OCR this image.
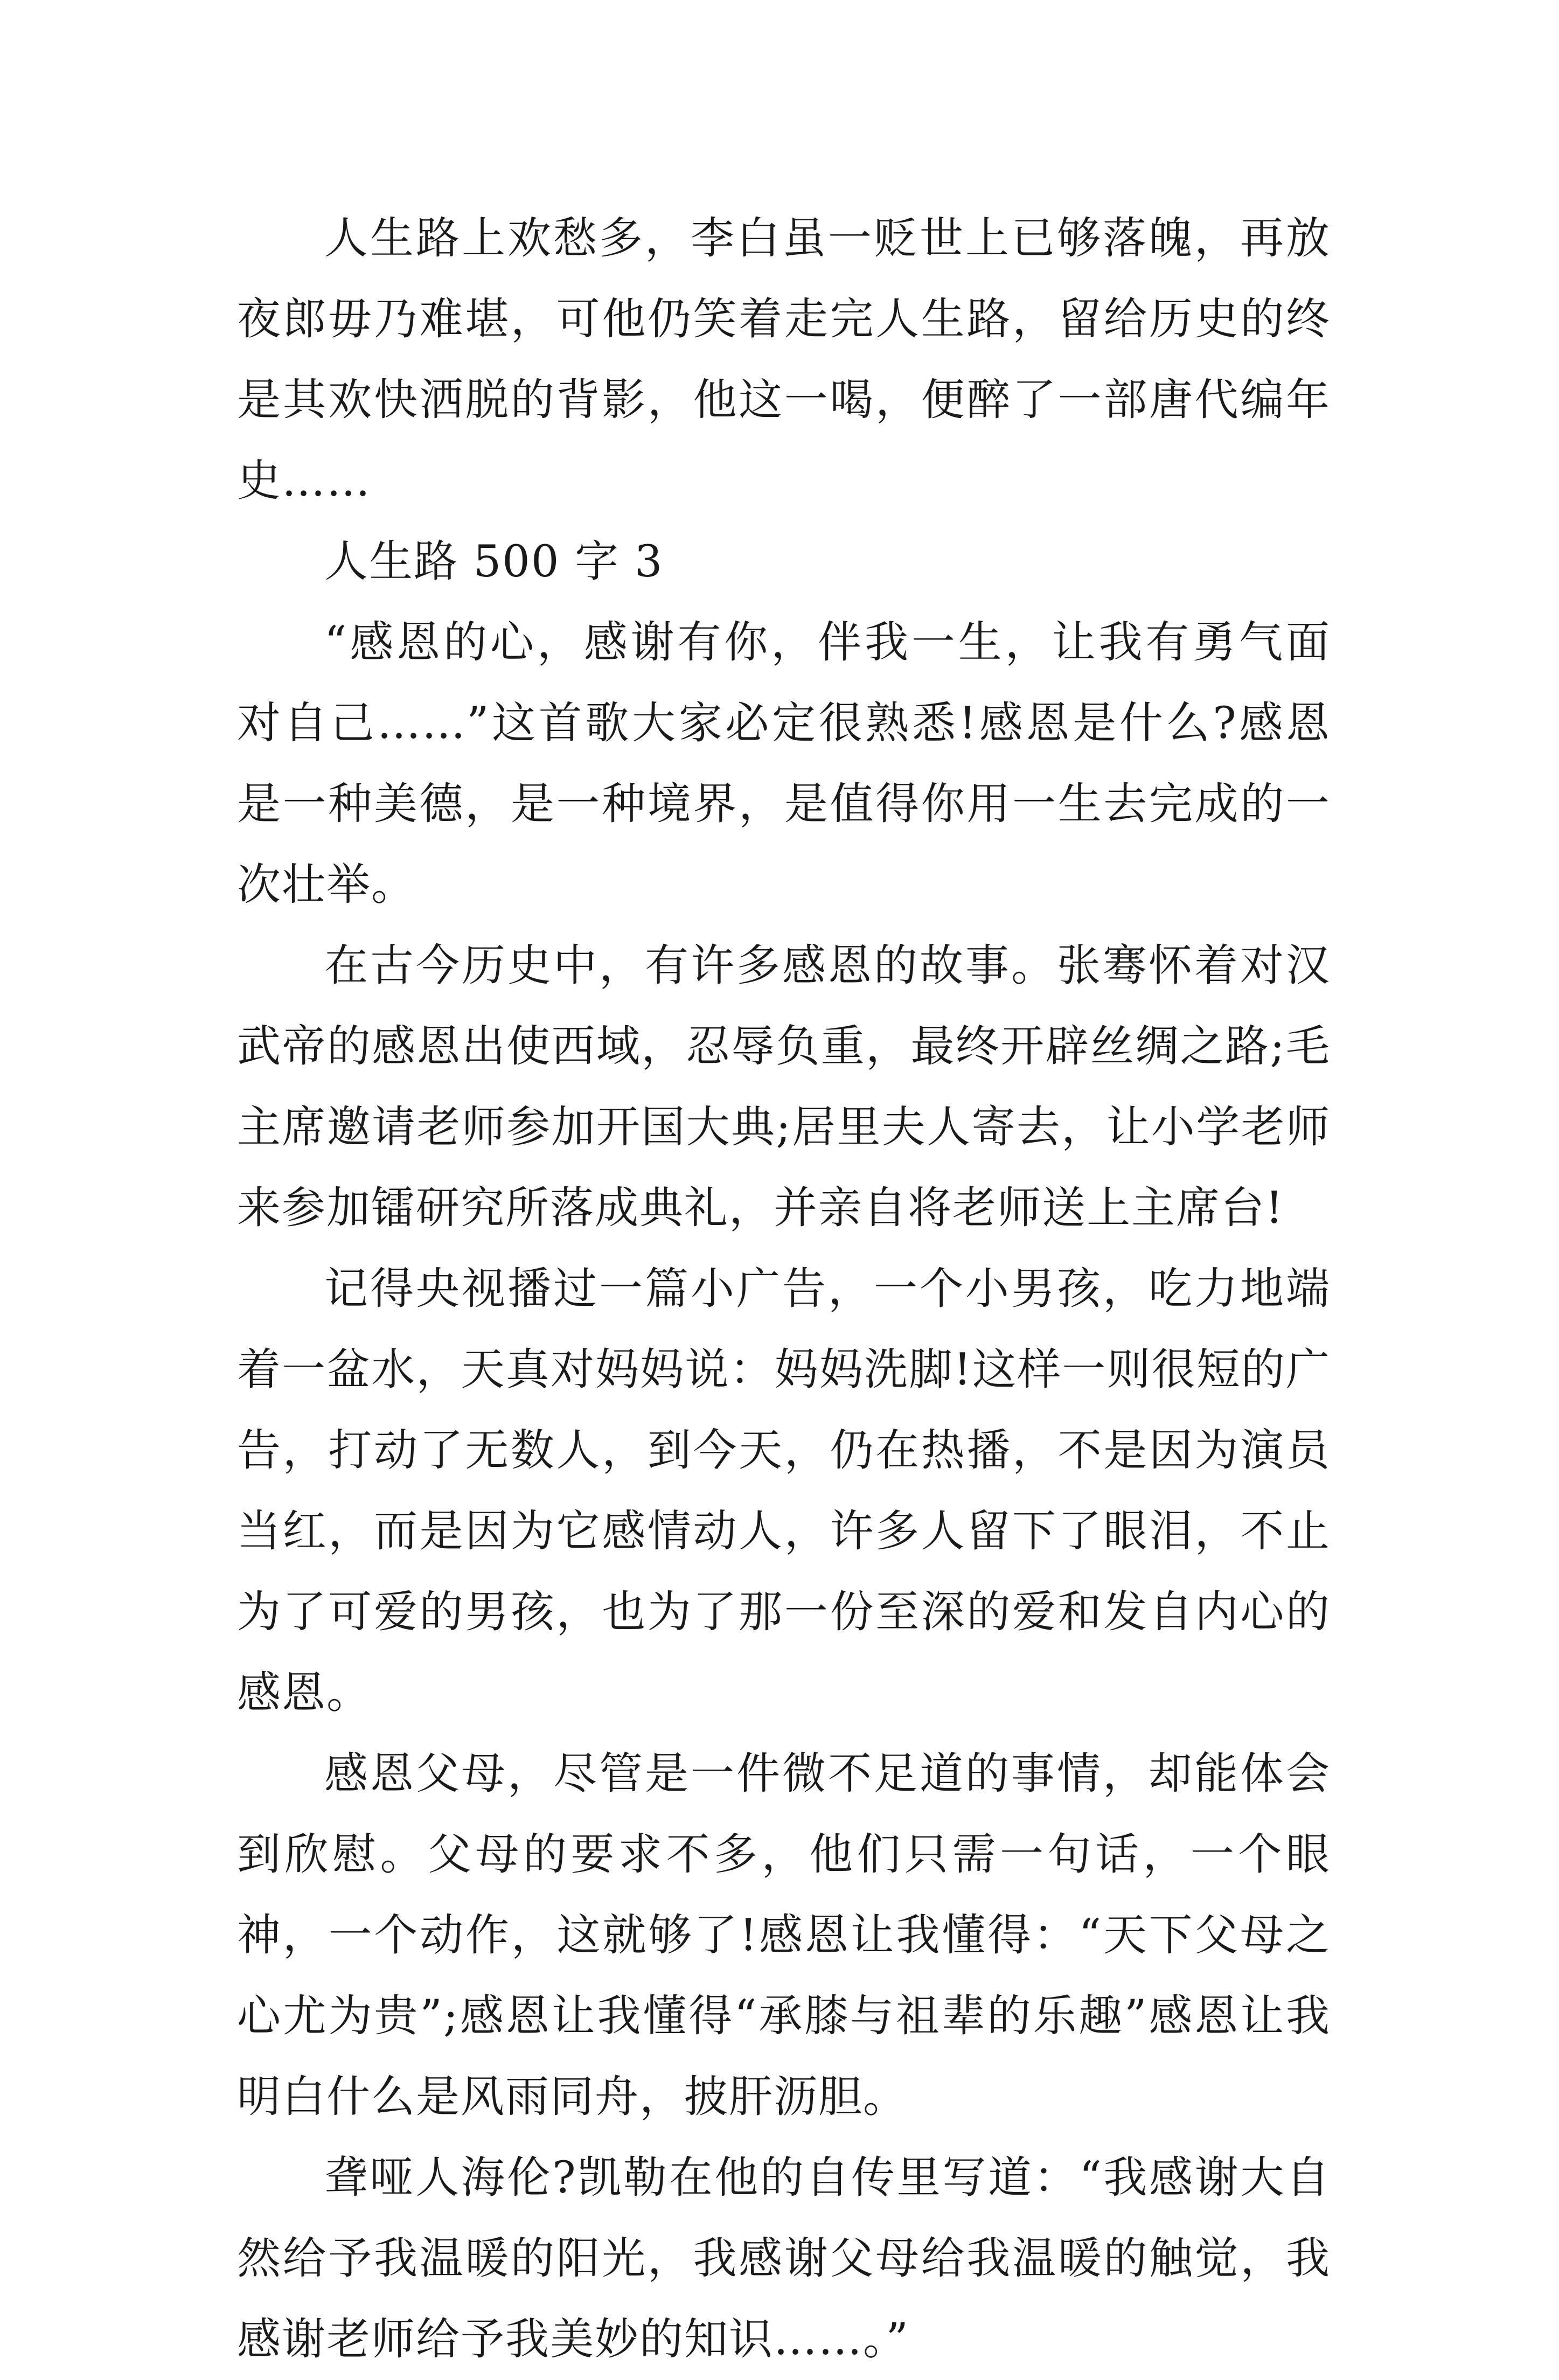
人生路上欢愁多，李白虽一贬世上已够落魄，再放夜郎毋乃难堪，可他仍笑着走完人生路，留给历史的终是其欢快洒脱的背影，他这一喝，便醉了一部唐代编年史……

人生路 500 字 3

“感恩的心，感谢有你，伴我一生，让我有勇气面对自己……”这首歌大家必定很熟悉!感恩是什么?感恩是一种美德，是一种境界，是值得你用一生去完成的一次壮举。

在古今历史中，有许多感恩的故事。张骞怀着对汉武帝的感恩出使西域，忍辱负重，最终开辟丝绸之路;毛主席邀请老师参加开国大典;居里夫人寄去，让小学老师来参加镭研究所落成典礼，并亲自将老师送上主席台!

记得央视播过一篇小广告，一个小男孩，吃力地端着一盆水，天真对妈妈说：妈妈洗脚!这样一则很短的广告，打动了无数人，到今天，仍在热播，不是因为演员当红，而是因为它感情动人，许多人留下了眼泪，不止为了可爱的男孩，也为了那一份至深的爱和发自内心的感恩。

感恩父母，尽管是一件微不足道的事情，却能体会到欣慰。父母的要求不多，他们只需一句话，一个眼神，一个动作，这就够了!感恩让我懂得：“天下父母之心尤为贵”;感恩让我懂得“承膝与祖辈的乐趣”感恩让我明白什么是风雨同舟，披肝沥胆。

聋哑人海伦?凯勒在他的自传里写道：“我感谢大自然给予我温暖的阳光，我感谢父母给我温暖的触觉，我感谢老师给予我美妙的知识……。”
